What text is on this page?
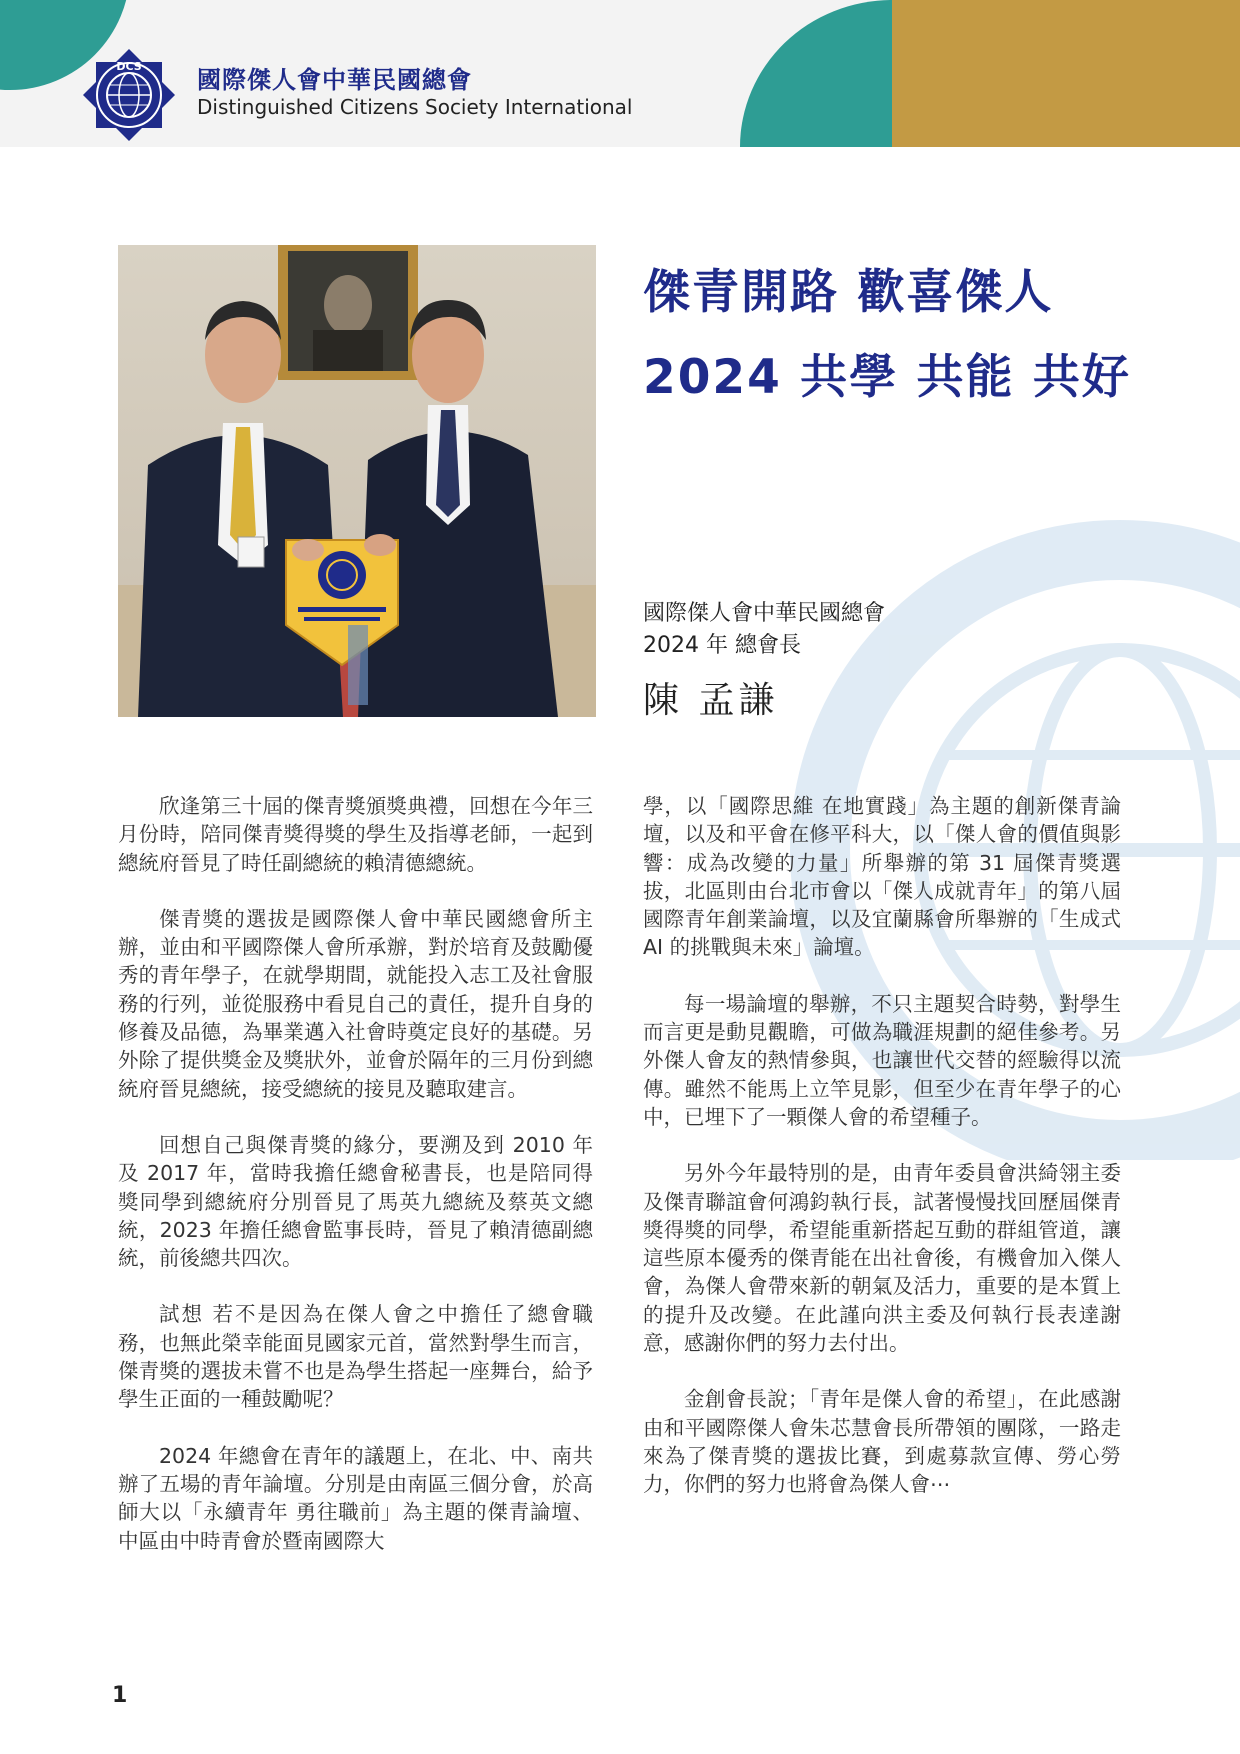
DCS 國際傑人會中華民國總會
Distinguished Citizens Society International
傑青開路 歡喜傑人
2024 共學 共能 共好
國際傑人會中華民國總會
2024 年 總會長
陳 孟謙

欣逢第三十屆的傑青獎頒獎典禮，回想在今年三月份時，陪同傑青獎得獎的學生及指導老師，一起到總統府晉見了時任副總統的賴清德總統。

傑青獎的選拔是國際傑人會中華民國總會所主辦，並由和平國際傑人會所承辦，對於培育及鼓勵優秀的青年學子，在就學期間，就能投入志工及社會服務的行列，並從服務中看見自己的責任，提升自身的修養及品德，為畢業邁入社會時奠定良好的基礎。另外除了提供獎金及獎狀外，並會於隔年的三月份到總統府晉見總統，接受總統的接見及聽取建言。

回想自己與傑青獎的緣分，要溯及到 2010 年及 2017 年，當時我擔任總會秘書長，也是陪同得獎同學到總統府分別晉見了馬英九總統及蔡英文總統，2023 年擔任總會監事長時，晉見了賴清德副總統，前後總共四次。

試想 若不是因為在傑人會之中擔任了總會職務，也無此榮幸能面見國家元首，當然對學生而言，傑青獎的選拔未嘗不也是為學生搭起一座舞台，給予學生正面的一種鼓勵呢？

2024 年總會在青年的議題上，在北、中、南共辦了五場的青年論壇。分別是由南區三個分會，於高師大以「永續青年 勇往職前」為主題的傑青論壇、中區由中時青會於暨南國際大

學，以「國際思維 在地實踐」為主題的創新傑青論壇，以及和平會在修平科大，以「傑人會的價值與影響：成為改變的力量」所舉辦的第 31 屆傑青獎選拔，北區則由台北市會以「傑人成就青年」的第八屆國際青年創業論壇，以及宜蘭縣會所舉辦的「生成式 AI 的挑戰與未來」論壇。

每一場論壇的舉辦，不只主題契合時勢，對學生而言更是動見觀瞻，可做為職涯規劃的絕佳參考。另外傑人會友的熱情參與，也讓世代交替的經驗得以流傳。雖然不能馬上立竿見影，但至少在青年學子的心中，已埋下了一顆傑人會的希望種子。

另外今年最特別的是，由青年委員會洪綺翎主委及傑青聯誼會何鴻鈞執行長，試著慢慢找回歷屆傑青獎得獎的同學，希望能重新搭起互動的群組管道，讓這些原本優秀的傑青能在出社會後，有機會加入傑人會，為傑人會帶來新的朝氣及活力，重要的是本質上的提升及改變。在此謹向洪主委及何執行長表達謝意，感謝你們的努力去付出。

金創會長說；「青年是傑人會的希望」，在此感謝由和平國際傑人會朱芯慧會長所帶領的團隊，一路走來為了傑青獎的選拔比賽，到處募款宣傳、勞心勞力，你們的努力也將會為傑人會⋯

1
